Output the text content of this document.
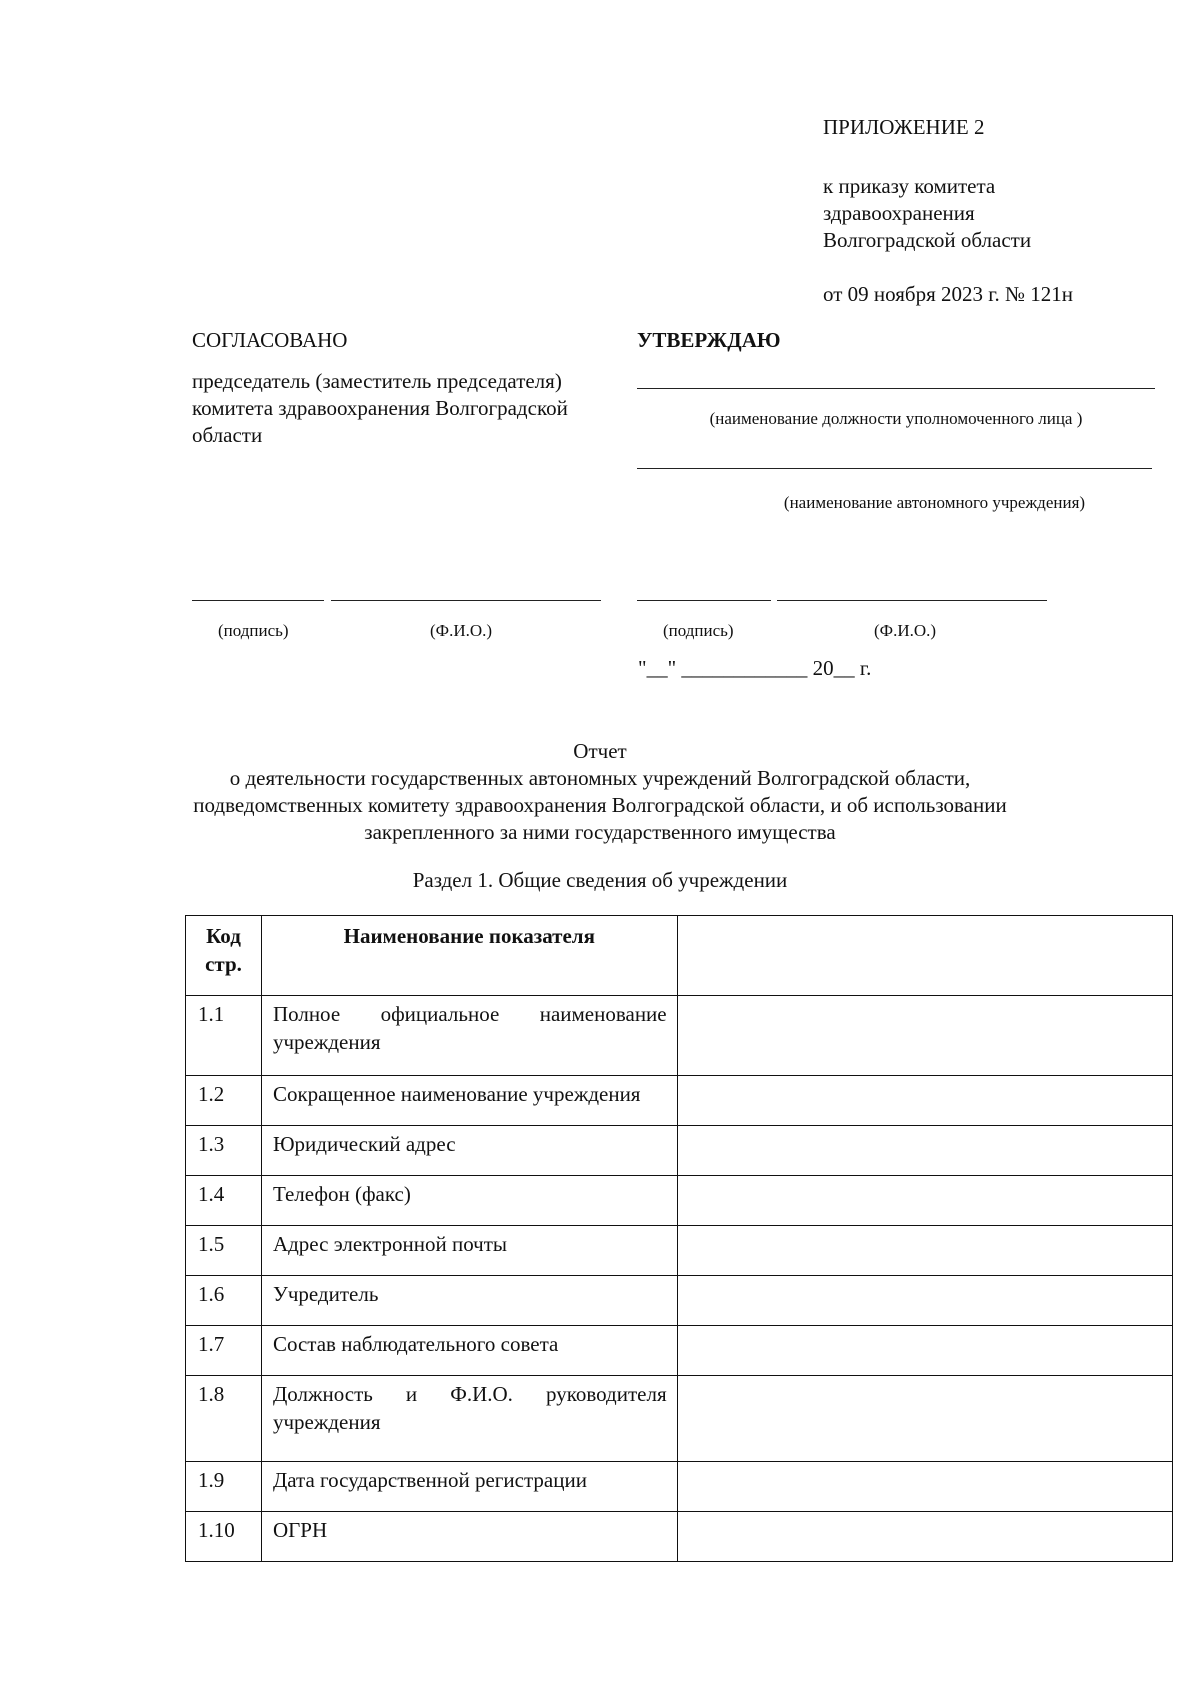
ПРИЛОЖЕНИЕ 2
к приказу комитета
здравоохранения
Волгоградской области
от 09 ноября 2023 г. № 121н
СОГЛАСОВАНО
председатель (заместитель председателя)
комитета здравоохранения Волгоградской
области
УТВЕРЖДАЮ
(наименование должности уполномоченного лица )
(наименование автономного учреждения)
(подпись)	(Ф.И.О.)	(подпись)	(Ф.И.О.)
"__" ____________ 20__ г.
Отчет
о деятельности государственных автономных учреждений Волгоградской области,
подведомственных комитету здравоохранения Волгоградской области, и об использовании
закрепленного за ними государственного имущества
Раздел 1. Общие сведения об учреждении
Код стр.	Наименование показателя	
1.1	Полное официальное наименование учреждения	
1.2	Сокращенное наименование учреждения	
1.3	Юридический адрес	
1.4	Телефон (факс)	
1.5	Адрес электронной почты	
1.6	Учредитель	
1.7	Состав наблюдательного совета	
1.8	Должность и Ф.И.О. руководителя учреждения	
1.9	Дата государственной регистрации	
1.10	ОГРН	
